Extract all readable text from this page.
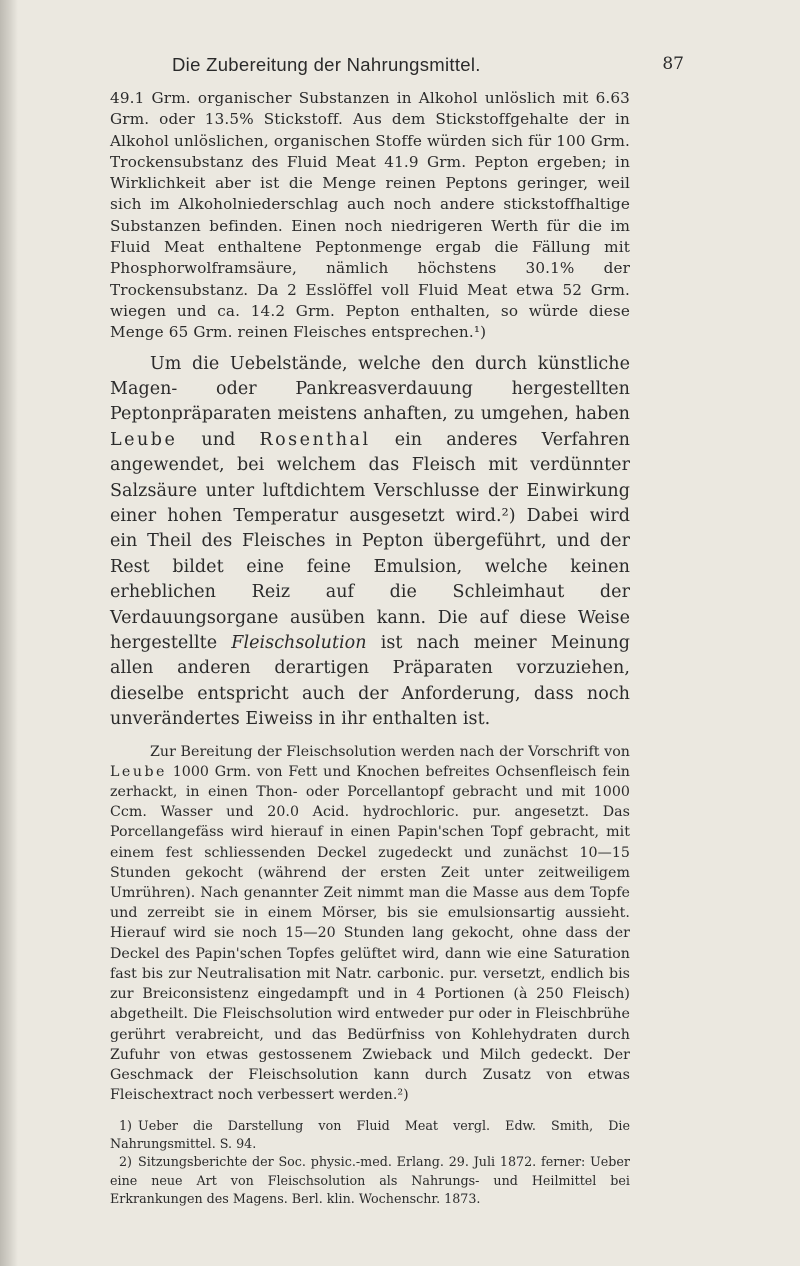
Die Zubereitung der Nahrungsmittel.	87

49.1 Grm. organischer Substanzen in Alkohol unlöslich mit 6.63 Grm. oder 13.5% Stickstoff. Aus dem Stickstoffgehalte der in Alkohol unlöslichen, organischen Stoffe würden sich für 100 Grm. Trockensubstanz des Fluid Meat 41.9 Grm. Pepton ergeben; in Wirklichkeit aber ist die Menge reinen Peptons geringer, weil sich im Alkoholniederschlag auch noch andere stickstoffhaltige Substanzen befinden. Einen noch niedrigeren Werth für die im Fluid Meat enthaltene Peptonmenge ergab die Fällung mit Phosphorwolframsäure, nämlich höchstens 30.1% der Trockensubstanz. Da 2 Esslöffel voll Fluid Meat etwa 52 Grm. wiegen und ca. 14.2 Grm. Pepton enthalten, so würde diese Menge 65 Grm. reinen Fleisches entsprechen.¹)

Um die Uebelstände, welche den durch künstliche Magen- oder Pankreasverdauung hergestellten Peptonpräparaten meistens anhaften, zu umgehen, haben Leube und Rosenthal ein anderes Verfahren angewendet, bei welchem das Fleisch mit verdünnter Salzsäure unter luftdichtem Verschlusse der Einwirkung einer hohen Temperatur ausgesetzt wird.²) Dabei wird ein Theil des Fleisches in Pepton übergeführt, und der Rest bildet eine feine Emulsion, welche keinen erheblichen Reiz auf die Schleimhaut der Verdauungsorgane ausüben kann. Die auf diese Weise hergestellte Fleischsolution ist nach meiner Meinung allen anderen derartigen Präparaten vorzuziehen, dieselbe entspricht auch der Anforderung, dass noch unverändertes Eiweiss in ihr enthalten ist.

Zur Bereitung der Fleischsolution werden nach der Vorschrift von Leube 1000 Grm. von Fett und Knochen befreites Ochsenfleisch fein zerhackt, in einen Thon- oder Porcellantopf gebracht und mit 1000 Ccm. Wasser und 20.0 Acid. hydrochloric. pur. angesetzt. Das Porcellangefäss wird hierauf in einen Papin'schen Topf gebracht, mit einem fest schliessenden Deckel zugedeckt und zunächst 10—15 Stunden gekocht (während der ersten Zeit unter zeitweiligem Umrühren). Nach genannter Zeit nimmt man die Masse aus dem Topfe und zerreibt sie in einem Mörser, bis sie emulsionsartig aussieht. Hierauf wird sie noch 15—20 Stunden lang gekocht, ohne dass der Deckel des Papin'schen Topfes gelüftet wird, dann wie eine Saturation fast bis zur Neutralisation mit Natr. carbonic. pur. versetzt, endlich bis zur Breiconsistenz eingedampft und in 4 Portionen (à 250 Fleisch) abgetheilt. Die Fleischsolution wird entweder pur oder in Fleischbrühe gerührt verabreicht, und das Bedürfniss von Kohlehydraten durch Zufuhr von etwas gestossenem Zwieback und Milch gedeckt. Der Geschmack der Fleischsolution kann durch Zusatz von etwas Fleischextract noch verbessert werden.²)

1) Ueber die Darstellung von Fluid Meat vergl. Edw. Smith, Die Nahrungsmittel. S. 94.

2) Sitzungsberichte der Soc. physic.-med. Erlang. 29. Juli 1872. ferner: Ueber eine neue Art von Fleischsolution als Nahrungs- und Heilmittel bei Erkrankungen des Magens. Berl. klin. Wochenschr. 1873.
